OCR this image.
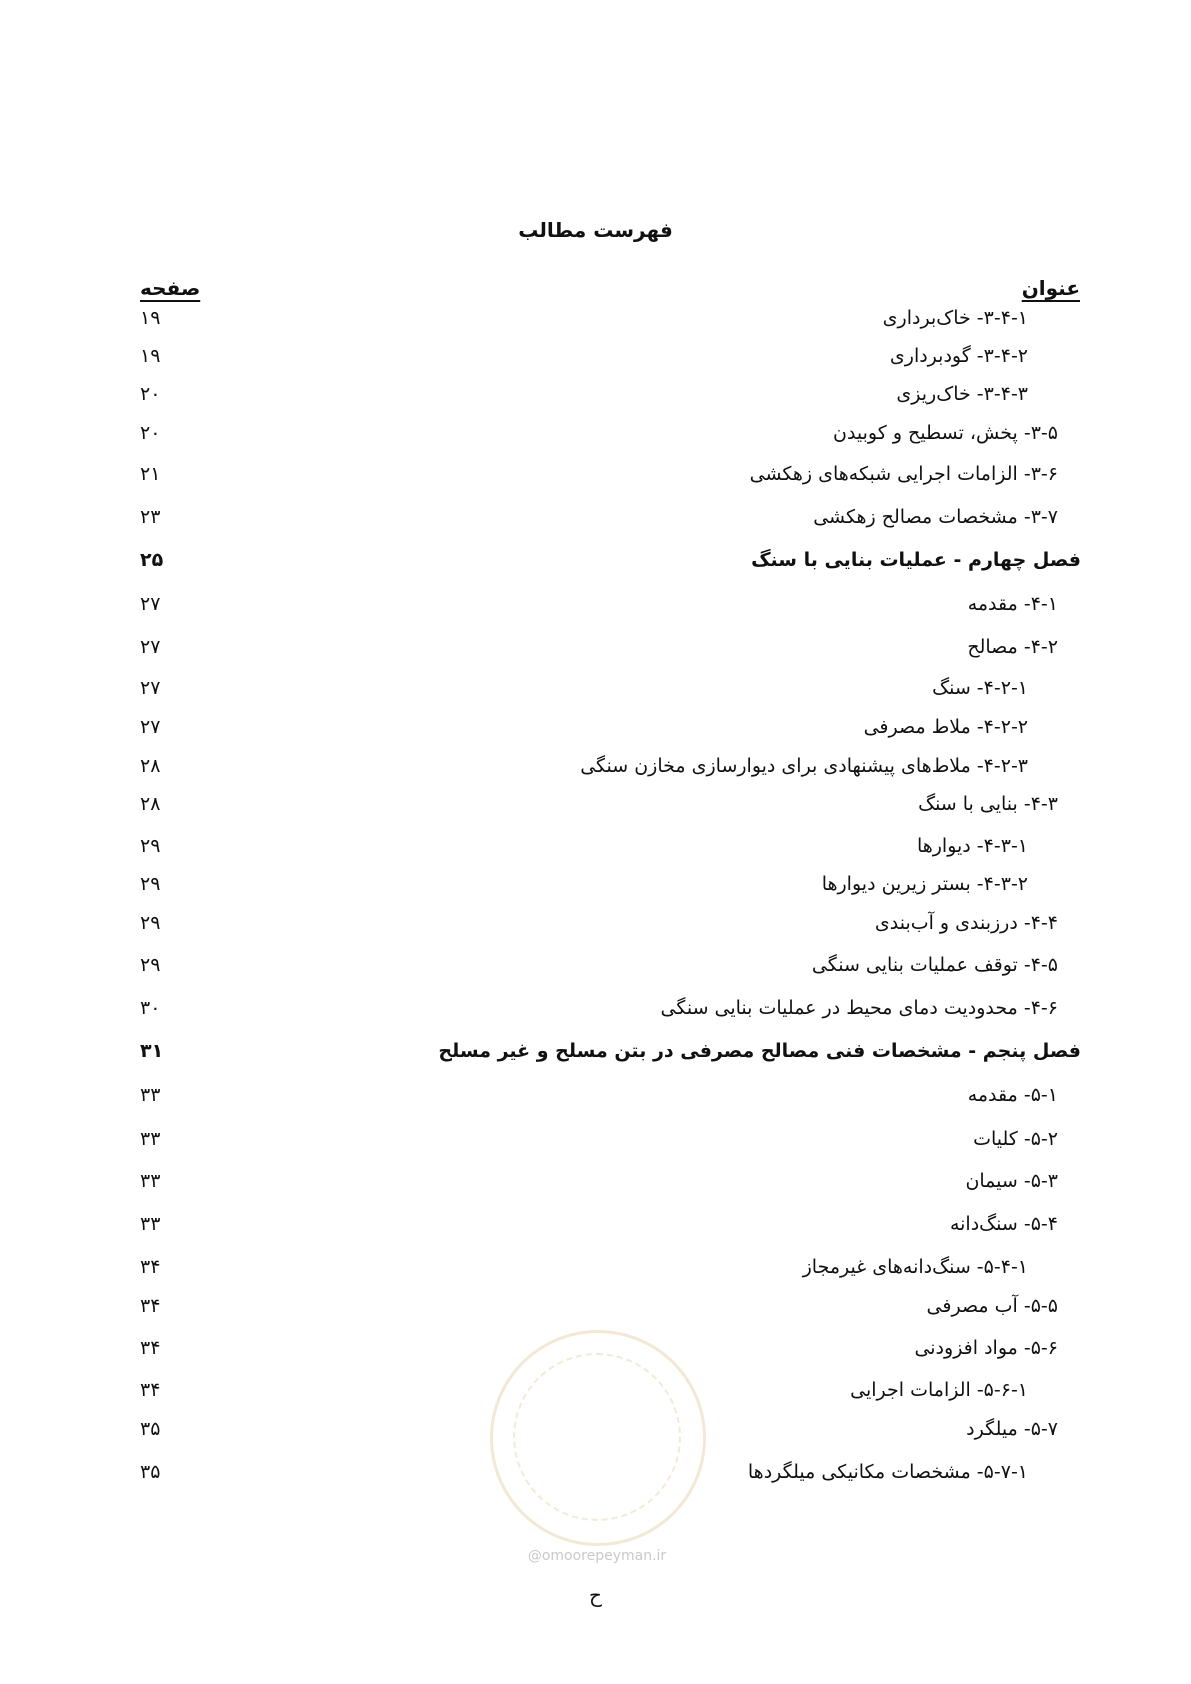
فهرست مطالب
عنوان
صفحه
۳-۴-۱- خاک‌برداری
۱۹
۳-۴-۲- گودبرداری
۱۹
۳-۴-۳- خاک‌ریزی
۲۰
۳-۵- پخش، تسطیح و کوبیدن
۲۰
۳-۶- الزامات اجرایی شبکه‌های زهکشی
۲۱
۳-۷- مشخصات مصالح زهکشی
۲۳
فصل چهارم - عملیات بنایی با سنگ
۲۵
۴-۱- مقدمه
۲۷
۴-۲- مصالح
۲۷
۴-۲-۱- سنگ
۲۷
۴-۲-۲- ملاط مصرفی
۲۷
۴-۲-۳- ملاط‌های پیشنهادی برای دیوارسازی مخازن سنگی
۲۸
۴-۳- بنایی با سنگ
۲۸
۴-۳-۱- دیوارها
۲۹
۴-۳-۲- بستر زیرین دیوارها
۲۹
۴-۴- درزبندی و آب‌بندی
۲۹
۴-۵- توقف عملیات بنایی سنگی
۲۹
۴-۶- محدودیت دمای محیط در عملیات بنایی سنگی
۳۰
فصل پنجم - مشخصات فنی مصالح مصرفی در بتن مسلح و غیر مسلح
۳۱
۵-۱- مقدمه
۳۳
۵-۲- کلیات
۳۳
۵-۳- سیمان
۳۳
۵-۴- سنگ‌دانه
۳۳
۵-۴-۱- سنگ‌دانه‌های غیرمجاز
۳۴
۵-۵- آب مصرفی
۳۴
۵-۶- مواد افزودنی
۳۴
۵-۶-۱- الزامات اجرایی
۳۴
۵-۷- میلگرد
۳۵
۵-۷-۱- مشخصات مکانیکی میلگردها
۳۵
@omoorepeyman.ir
ح
